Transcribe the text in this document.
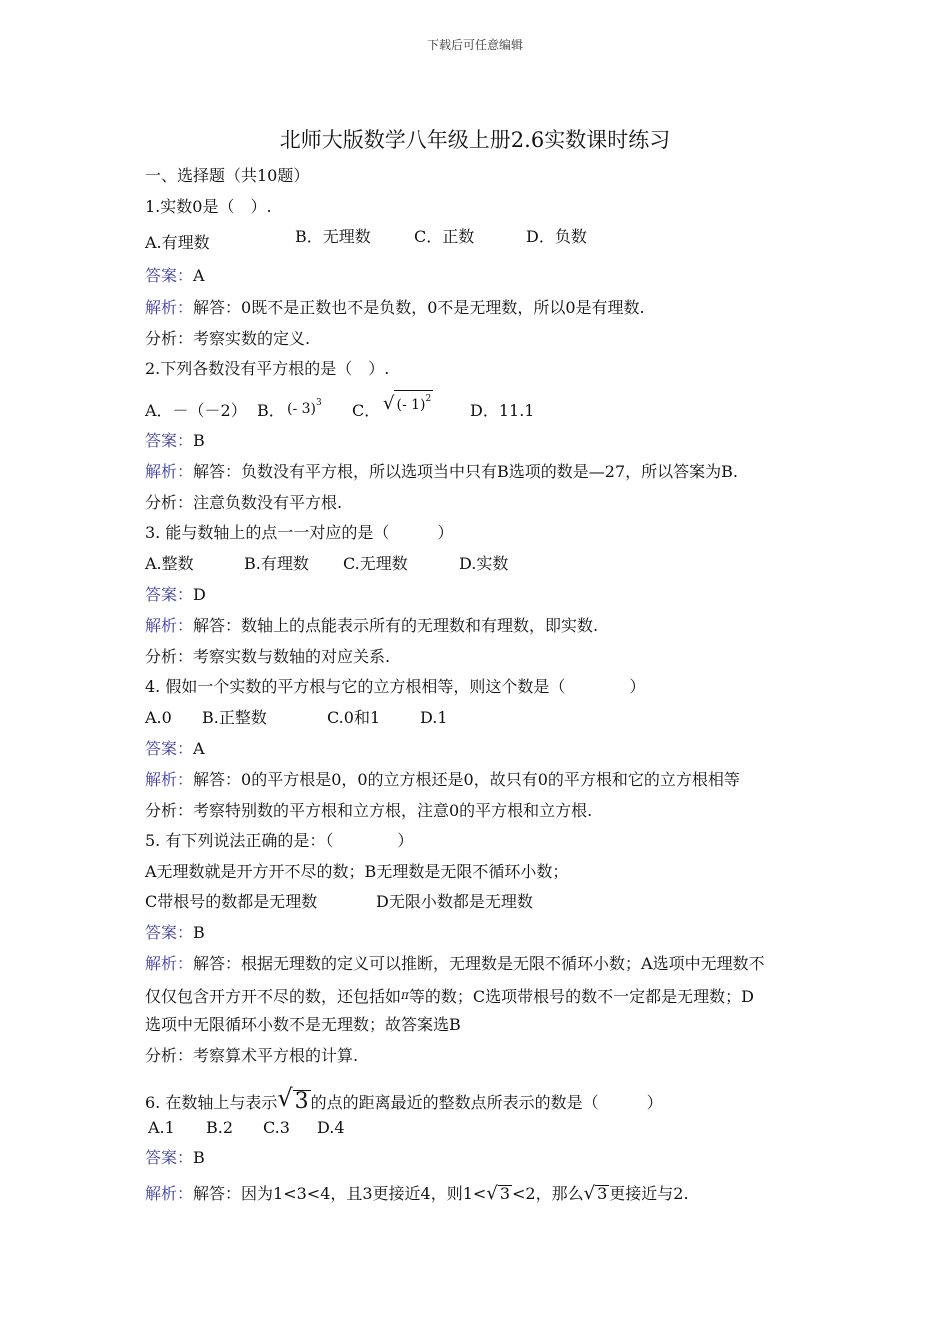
下载后可任意编辑
北师大版数学八年级上册2.6实数课时练习
一、选择题（共10题）
1.实数0是（　）.
A.有理数	B．无理数	C．正数	D．负数
答案：A
解析：解答：0既不是正数也不是负数，0不是无理数，所以0是有理数.
分析：考察实数的定义.
2.下列各数没有平方根的是（　）.
A．－（－2） B． (- 3)$^3$ C． √ (- 1)$^2$
D．11.1
答案：B
解析：解答：负数没有平方根，所以选项当中只有B选项的数是—27，所以答案为B.
分析：注意负数没有平方根.
3. 能与数轴上的点一一对应的是（　　　）
A.整数	B.有理数 C.无理数	D.实数
答案：D
解析：解答：数轴上的点能表示所有的无理数和有理数，即实数.
分析：考察实数与数轴的对应关系.
4. 假如一个实数的平方根与它的立方根相等，则这个数是（　　　　）
A.0 B.正整数	C.0和1 D.1
答案：A
解析：解答：0的平方根是0，0的立方根还是0，故只有0的平方根和它的立方根相等
分析：考察特别数的平方根和立方根，注意0的平方根和立方根.
5. 有下列说法正确的是：（　　　　）
A无理数就是开方开不尽的数；B无理数是无限不循环小数；
C带根号的数都是无理数	D无限小数都是无理数
答案：B
解析：解答：根据无理数的定义可以推断，无理数是无限不循环小数；A选项中无理数不
仅仅包含开方开不尽的数，还包括如π等的数；C选项带根号的数不一定都是无理数；D
选项中无限循环小数不是无理数；故答案选B
分析：考察算术平方根的计算.
6. 在数轴上与表示√3 的点的距离最近的整数点所表示的数是（　　　）
A.1 B.2 C.3 D.4
答案：B
解析：解答：因为1<3<4，且3更接近4，则1<√ 3 <2，那么√ 3 更接近与2.
